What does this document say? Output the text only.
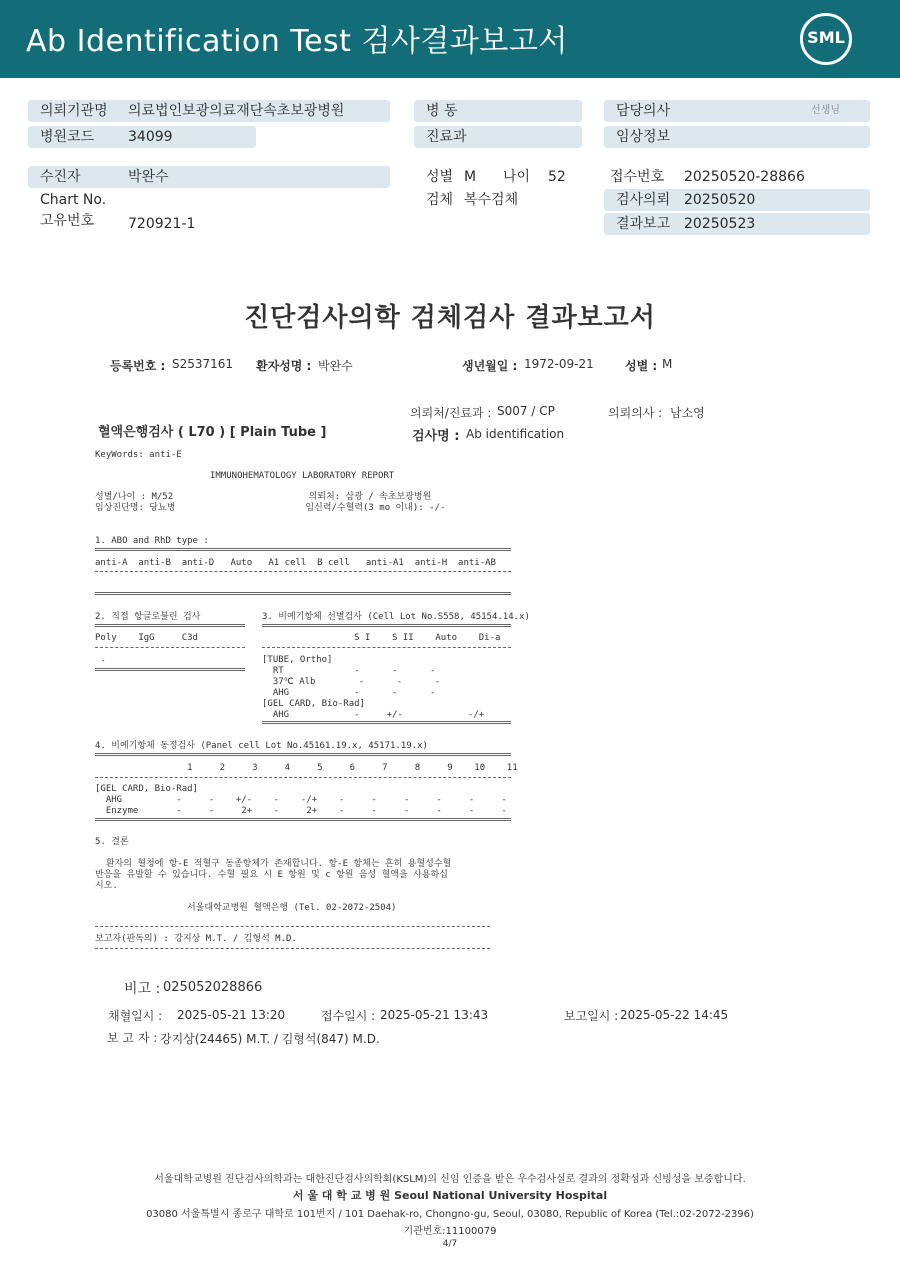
Ab Identification Test 검사결과보고서	SML
의뢰기관명 의료법인보광의료재단속초보광병원
병원코드 34099
병 동
진료과
담당의사	선생님
임상정보
수진자	박완수
Chart No.
고유번호 720921-1
성별 M 나이 52
검체 복수검체
접수번호 20250520-28866
검사의뢰 20250520
결과보고 20250523
진단검사의학 검체검사 결과보고서
등록번호 : S2537161 환자성명 : 박완수	생년월일 : 1972-09-21	성별 : M
의뢰처/진료과 : S007 / CP	의뢰의사 : 남소영
혈액은행검사 ( L70 ) [ Plain Tube ]	검사명 : Ab identification
KeyWords: anti-E
IMMUNOHEMATOLOGY LABORATORY REPORT
성별/나이 : M/52                         의뢰처: 삼광 / 속초보광병원
임상진단명: 당뇨병                        임신력/수혈력(3 mo 이내): -/-
1. ABO and RhD type :
anti-A  anti-B  anti-D   Auto   A1 cell  B cell   anti-A1  anti-H  anti-AB
2. 직접 항글로불린 검사	3. 비예기항체 선별검사 (Cell Lot No.S558, 45154.14.x)
Poly    IgG     C3d	S I    S II    Auto    Di-a
-	[TUBE, Ortho]
RT             -      -      -
37℃ Alb        -      -      -
AHG            -      -      -
[GEL CARD, Bio-Rad]
AHG            -     +/-            -/+
4. 비예기항체 동정검사 (Panel cell Lot No.45161.19.x, 45171.19.x)
1     2     3     4     5     6     7     8     9    10    11
[GEL CARD, Bio-Rad]
AHG          -     -    +/-    -    -/+    -     -     -     -     -     -
Enzyme       -     -     2+    -     2+    -     -     -     -     -     -
5. 결론
환자의 혈청에 항-E 적혈구 동종항체가 존재합니다. 항-E 항체는 흔히 용혈성수혈
반응을 유발할 수 있습니다. 수혈 필요 시 E 항원 및 c 항원 음성 혈액을 사용하십
시오.
서울대학교병원 혈액은행 (Tel. 02-2072-2504)
보고자(판독의) : 강지상 M.T. / 김형석 M.D.
비고 : 025052028866
채혈일시 : 2025-05-21 13:20	접수일시 : 2025-05-21 13:43	보고일시 : 2025-05-22 14:45
보 고 자 : 강지상(24465) M.T. / 김형석(847) M.D.
서울대학교병원 진단검사의학과는 대한진단검사의학회(KSLM)의 신임 인증을 받은 우수검사실로 결과의 정확성과 신빙성을 보증합니다.
서 울 대 학 교 병 원 Seoul National University Hospital
03080 서울특별시 종로구 대학로 101번지 / 101 Daehak-ro, Chongno-gu, Seoul, 03080, Republic of Korea (Tel.:02-2072-2396)
기관번호:11100079
4/7
